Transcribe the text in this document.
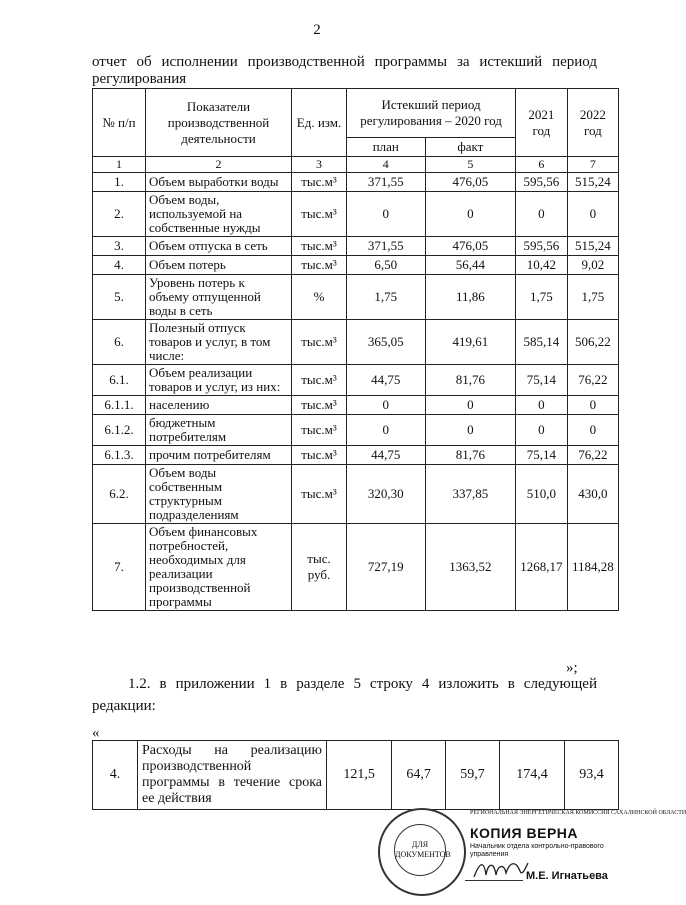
2
отчет об исполнении производственной программы за истекший период
регулирования
№ п/п	Показатели производственной деятельности	Ед. изм.	Истекший период регулирования – 2020 год		2021 год	2022 год
			план	факт		
1	2	3	4	5	6	7
1.	Объем выработки воды	тыс.м³	371,55	476,05	595,56	515,24
2.	Объем воды, используемой на собственные нужды	тыс.м³	0	0	0	0
3.	Объем отпуска в сеть	тыс.м³	371,55	476,05	595,56	515,24
4.	Объем потерь	тыс.м³	6,50	56,44	10,42	9,02
5.	Уровень потерь к объему отпущенной воды в сеть	%	1,75	11,86	1,75	1,75
6.	Полезный отпуск товаров и услуг, в том числе:	тыс.м³	365,05	419,61	585,14	506,22
6.1.	Объем реализации товаров и услуг, из них:	тыс.м³	44,75	81,76	75,14	76,22
6.1.1.	населению	тыс.м³	0	0	0	0
6.1.2.	бюджетным потребителям	тыс.м³	0	0	0	0
6.1.3.	прочим потребителям	тыс.м³	44,75	81,76	75,14	76,22
6.2.	Объем воды собственным структурным подразделениям	тыс.м³	320,30	337,85	510,0	430,0
7.	Объем финансовых потребностей, необходимых для реализации производственной программы	тыс. руб.	727,19	1363,52	1268,17	1184,28
»;
1.2. в приложении 1 в разделе 5 строку 4 изложить в следующей
редакции:
«
4.	Расходы на реализацию производственной программы в течение срока ее действия	121,5	64,7	59,7	174,4	93,4
ДЛЯ ДОКУМЕНТОВ
РЕГИОНАЛЬНАЯ ЭНЕРГЕТИЧЕСКАЯ КОМИССИЯ САХАЛИНСКОЙ ОБЛАСТИ
КОПИЯ ВЕРНА
Начальник отдела контрольно-правового управления
М.Е. Игнатьева
